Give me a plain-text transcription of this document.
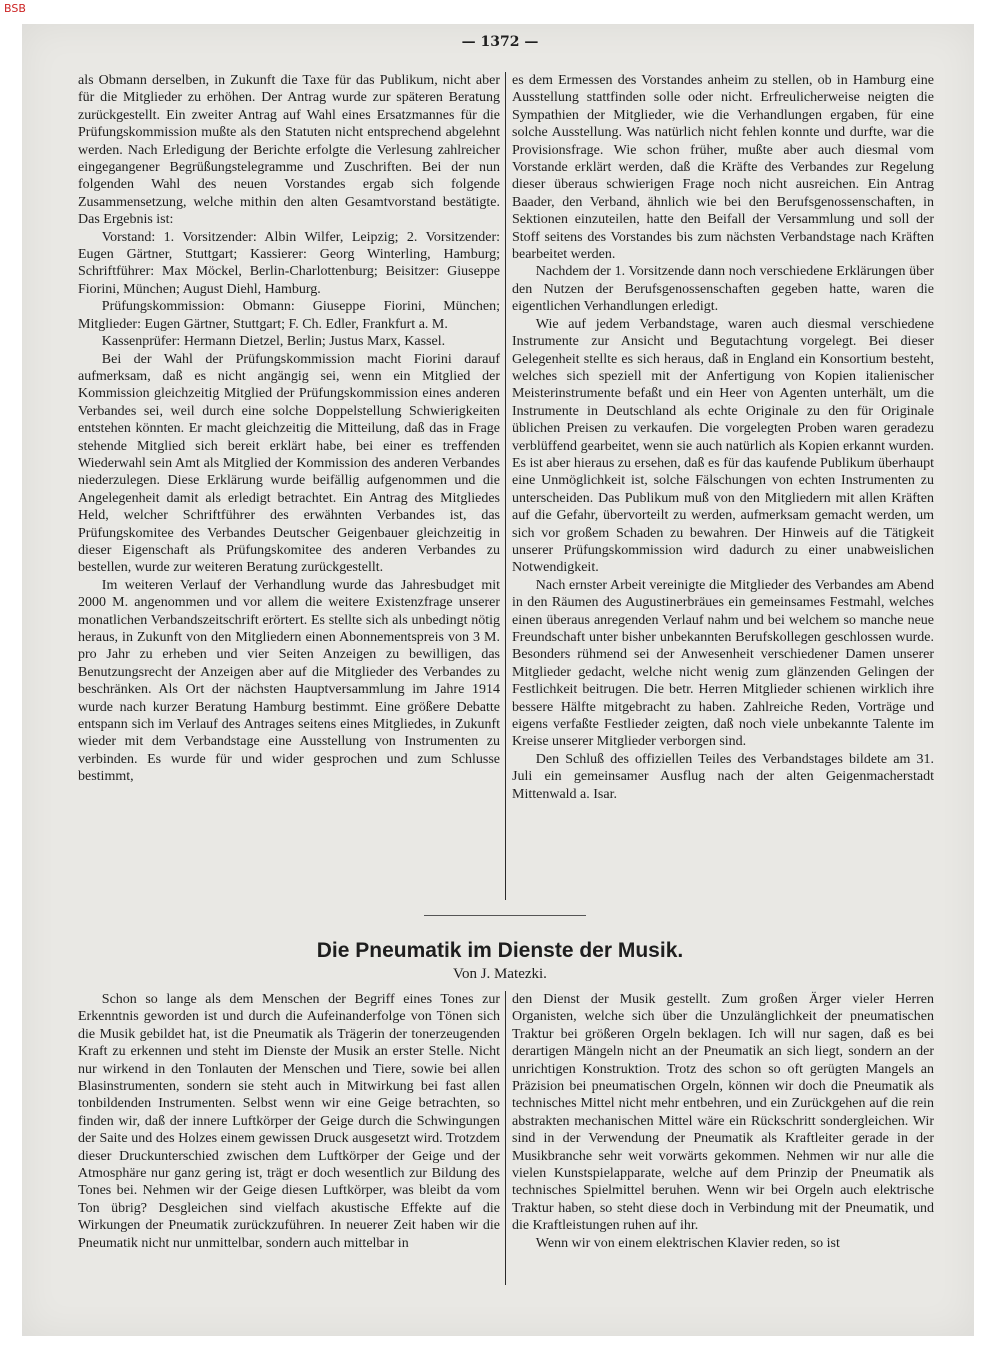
BSB
— 1372 —

als Obmann derselben, in Zukunft die Taxe für das Publikum, nicht aber für die Mitglieder zu erhöhen. Der Antrag wurde zur späteren Beratung zurückgestellt. Ein zweiter Antrag auf Wahl eines Ersatzmannes für die Prüfungskommission mußte als den Statuten nicht entsprechend abgelehnt werden. Nach Erledigung der Berichte erfolgte die Verlesung zahlreicher eingegangener Begrüßungstelegramme und Zuschriften. Bei der nun folgenden Wahl des neuen Vorstandes ergab sich folgende Zusammensetzung, welche mithin den alten Gesamtvorstand bestätigte. Das Ergebnis ist:

Vorstand: 1. Vorsitzender: Albin Wilfer, Leipzig; 2. Vorsitzender: Eugen Gärtner, Stuttgart; Kassierer: Georg Winterling, Hamburg; Schriftführer: Max Möckel, Berlin-Charlottenburg; Beisitzer: Giuseppe Fiorini, München; August Diehl, Hamburg.

Prüfungskommission: Obmann: Giuseppe Fiorini, München; Mitglieder: Eugen Gärtner, Stuttgart; F. Ch. Edler, Frankfurt a. M.

Kassenprüfer: Hermann Dietzel, Berlin; Justus Marx, Kassel.

Bei der Wahl der Prüfungskommission macht Fiorini darauf aufmerksam, daß es nicht angängig sei, wenn ein Mitglied der Kommission gleichzeitig Mitglied der Prüfungskommission eines anderen Verbandes sei, weil durch eine solche Doppelstellung Schwierigkeiten entstehen könnten. Er macht gleichzeitig die Mitteilung, daß das in Frage stehende Mitglied sich bereit erklärt habe, bei einer es treffenden Wiederwahl sein Amt als Mitglied der Kommission des anderen Verbandes niederzulegen. Diese Erklärung wurde beifällig aufgenommen und die Angelegenheit damit als erledigt betrachtet. Ein Antrag des Mitgliedes Held, welcher Schriftführer des erwähnten Verbandes ist, das Prüfungskomitee des Verbandes Deutscher Geigenbauer gleichzeitig in dieser Eigenschaft als Prüfungskomitee des anderen Verbandes zu bestellen, wurde zur weiteren Beratung zurückgestellt.

Im weiteren Verlauf der Verhandlung wurde das Jahresbudget mit 2000 M. angenommen und vor allem die weitere Existenzfrage unserer monatlichen Verbandszeitschrift erörtert. Es stellte sich als unbedingt nötig heraus, in Zukunft von den Mitgliedern einen Abonnementspreis von 3 M. pro Jahr zu erheben und vier Seiten Anzeigen zu bewilligen, das Benutzungsrecht der Anzeigen aber auf die Mitglieder des Verbandes zu beschränken. Als Ort der nächsten Hauptversammlung im Jahre 1914 wurde nach kurzer Beratung Hamburg bestimmt. Eine größere Debatte entspann sich im Verlauf des Antrages seitens eines Mitgliedes, in Zukunft wieder mit dem Verbandstage eine Ausstellung von Instrumenten zu verbinden. Es wurde für und wider gesprochen und zum Schlusse bestimmt,

es dem Ermessen des Vorstandes anheim zu stellen, ob in Hamburg eine Ausstellung stattfinden solle oder nicht. Erfreulicherweise neigten die Sympathien der Mitglieder, wie die Verhandlungen ergaben, für eine solche Ausstellung. Was natürlich nicht fehlen konnte und durfte, war die Provisionsfrage. Wie schon früher, mußte aber auch diesmal vom Vorstande erklärt werden, daß die Kräfte des Verbandes zur Regelung dieser überaus schwierigen Frage noch nicht ausreichen. Ein Antrag Baader, den Verband, ähnlich wie bei den Berufsgenossenschaften, in Sektionen einzuteilen, hatte den Beifall der Versammlung und soll der Stoff seitens des Vorstandes bis zum nächsten Verbandstage nach Kräften bearbeitet werden.

Nachdem der 1. Vorsitzende dann noch verschiedene Erklärungen über den Nutzen der Berufsgenossenschaften gegeben hatte, waren die eigentlichen Verhandlungen erledigt.

Wie auf jedem Verbandstage, waren auch diesmal verschiedene Instrumente zur Ansicht und Begutachtung vorgelegt. Bei dieser Gelegenheit stellte es sich heraus, daß in England ein Konsortium besteht, welches sich speziell mit der Anfertigung von Kopien italienischer Meisterinstrumente befaßt und ein Heer von Agenten unterhält, um die Instrumente in Deutschland als echte Originale zu den für Originale üblichen Preisen zu verkaufen. Die vorgelegten Proben waren geradezu verblüffend gearbeitet, wenn sie auch natürlich als Kopien erkannt wurden. Es ist aber hieraus zu ersehen, daß es für das kaufende Publikum überhaupt eine Unmöglichkeit ist, solche Fälschungen von echten Instrumenten zu unterscheiden. Das Publikum muß von den Mitgliedern mit allen Kräften auf die Gefahr, übervorteilt zu werden, aufmerksam gemacht werden, um sich vor großem Schaden zu bewahren. Der Hinweis auf die Tätigkeit unserer Prüfungskommission wird dadurch zu einer unabweislichen Notwendigkeit.

Nach ernster Arbeit vereinigte die Mitglieder des Verbandes am Abend in den Räumen des Augustinerbräues ein gemeinsames Festmahl, welches einen überaus anregenden Verlauf nahm und bei welchem so manche neue Freundschaft unter bisher unbekannten Berufskollegen geschlossen wurde. Besonders rühmend sei der Anwesenheit verschiedener Damen unserer Mitglieder gedacht, welche nicht wenig zum glänzenden Gelingen der Festlichkeit beitrugen. Die betr. Herren Mitglieder schienen wirklich ihre bessere Hälfte mitgebracht zu haben. Zahlreiche Reden, Vorträge und eigens verfaßte Festlieder zeigten, daß noch viele unbekannte Talente im Kreise unserer Mitglieder verborgen sind.

Den Schluß des offiziellen Teiles des Verbandstages bildete am 31. Juli ein gemeinsamer Ausflug nach der alten Geigenmacherstadt Mittenwald a. Isar.

Die Pneumatik im Dienste der Musik.
Von J. Matezki.

Schon so lange als dem Menschen der Begriff eines Tones zur Erkenntnis geworden ist und durch die Aufeinanderfolge von Tönen sich die Musik gebildet hat, ist die Pneumatik als Trägerin der tonerzeugenden Kraft zu erkennen und steht im Dienste der Musik an erster Stelle. Nicht nur wirkend in den Tonlauten der Menschen und Tiere, sowie bei allen Blasinstrumenten, sondern sie steht auch in Mitwirkung bei fast allen tonbildenden Instrumenten. Selbst wenn wir eine Geige betrachten, so finden wir, daß der innere Luftkörper der Geige durch die Schwingungen der Saite und des Holzes einem gewissen Druck ausgesetzt wird. Trotzdem dieser Druckunterschied zwischen dem Luftkörper der Geige und der Atmosphäre nur ganz gering ist, trägt er doch wesentlich zur Bildung des Tones bei. Nehmen wir der Geige diesen Luftkörper, was bleibt da vom Ton übrig? Desgleichen sind vielfach akustische Effekte auf die Wirkungen der Pneumatik zurückzuführen. In neuerer Zeit haben wir die Pneumatik nicht nur unmittelbar, sondern auch mittelbar in

den Dienst der Musik gestellt. Zum großen Ärger vieler Herren Organisten, welche sich über die Unzulänglichkeit der pneumatischen Traktur bei größeren Orgeln beklagen. Ich will nur sagen, daß es bei derartigen Mängeln nicht an der Pneumatik an sich liegt, sondern an der unrichtigen Konstruktion. Trotz des schon so oft gerügten Mangels an Präzision bei pneumatischen Orgeln, können wir doch die Pneumatik als technisches Mittel nicht mehr entbehren, und ein Zurückgehen auf die rein abstrakten mechanischen Mittel wäre ein Rückschritt sondergleichen. Wir sind in der Verwendung der Pneumatik als Kraftleiter gerade in der Musikbranche sehr weit vorwärts gekommen. Nehmen wir nur alle die vielen Kunstspielapparate, welche auf dem Prinzip der Pneumatik als technisches Spielmittel beruhen. Wenn wir bei Orgeln auch elektrische Traktur haben, so steht diese doch in Verbindung mit der Pneumatik, und die Kraftleistungen ruhen auf ihr.

Wenn wir von einem elektrischen Klavier reden, so ist
